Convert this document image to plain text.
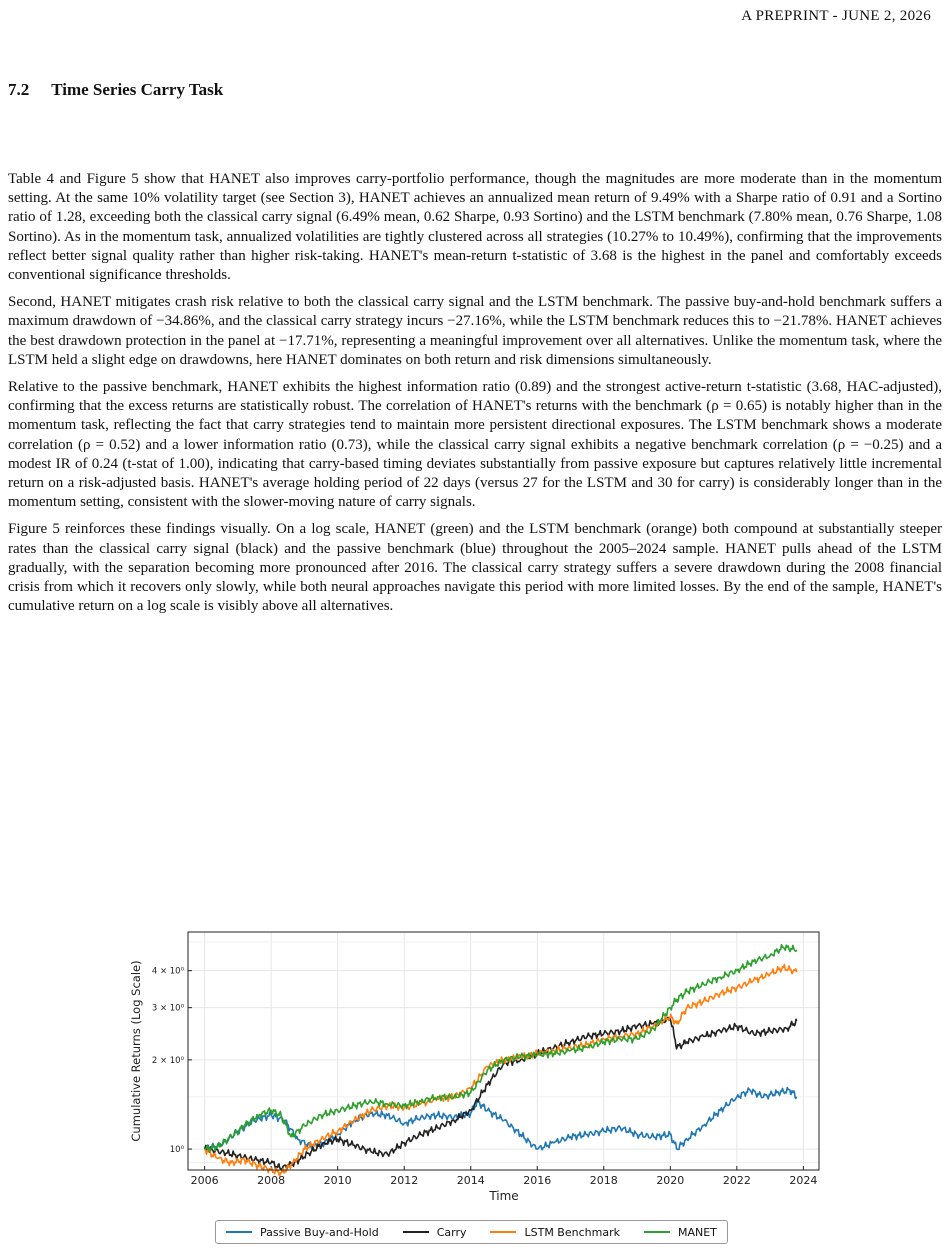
A PREPRINT - JUNE 2, 2026
7.2 Time Series Carry Task

Table 4 and Figure 5 show that HANET also improves carry-portfolio performance, though the magnitudes are more moderate than in the momentum setting. At the same 10% volatility target (see Section 3), HANET achieves an annualized mean return of 9.49% with a Sharpe ratio of 0.91 and a Sortino ratio of 1.28, exceeding both the classical carry signal (6.49% mean, 0.62 Sharpe, 0.93 Sortino) and the LSTM benchmark (7.80% mean, 0.76 Sharpe, 1.08 Sortino). As in the momentum task, annualized volatilities are tightly clustered across all strategies (10.27% to 10.49%), confirming that the improvements reflect better signal quality rather than higher risk-taking. HANET's mean-return t-statistic of 3.68 is the highest in the panel and comfortably exceeds conventional significance thresholds.

Second, HANET mitigates crash risk relative to both the classical carry signal and the LSTM benchmark. The passive buy-and-hold benchmark suffers a maximum drawdown of −34.86%, and the classical carry strategy incurs −27.16%, while the LSTM benchmark reduces this to −21.78%. HANET achieves the best drawdown protection in the panel at −17.71%, representing a meaningful improvement over all alternatives. Unlike the momentum task, where the LSTM held a slight edge on drawdowns, here HANET dominates on both return and risk dimensions simultaneously.

Relative to the passive benchmark, HANET exhibits the highest information ratio (0.89) and the strongest active-return t-statistic (3.68, HAC-adjusted), confirming that the excess returns are statistically robust. The correlation of HANET's returns with the benchmark (ρ = 0.65) is notably higher than in the momentum task, reflecting the fact that carry strategies tend to maintain more persistent directional exposures. The LSTM benchmark shows a moderate correlation (ρ = 0.52) and a lower information ratio (0.73), while the classical carry signal exhibits a negative benchmark correlation (ρ = −0.25) and a modest IR of 0.24 (t-stat of 1.00), indicating that carry-based timing deviates substantially from passive exposure but captures relatively little incremental return on a risk-adjusted basis. HANET's average holding period of 22 days (versus 27 for the LSTM and 30 for carry) is considerably longer than in the momentum setting, consistent with the slower-moving nature of carry signals.

Figure 5 reinforces these findings visually. On a log scale, HANET (green) and the LSTM benchmark (orange) both compound at substantially steeper rates than the classical carry signal (black) and the passive benchmark (blue) throughout the 2005–2024 sample. HANET pulls ahead of the LSTM gradually, with the separation becoming more pronounced after 2016. The classical carry strategy suffers a severe drawdown during the 2008 financial crisis from which it recovers only slowly, while both neural approaches navigate this period with more limited losses. By the end of the sample, HANET's cumulative return on a log scale is visibly above all alternatives.

2006	2008	2010	2012	2014	2016	2018	2020	2022	2024
10⁰
2 × 10⁰
3 × 10⁰
4 × 10⁰
Time
Cumulative Returns (Log Scale)
Passive Buy-and-Hold	Carry	LSTM Benchmark	MANET
